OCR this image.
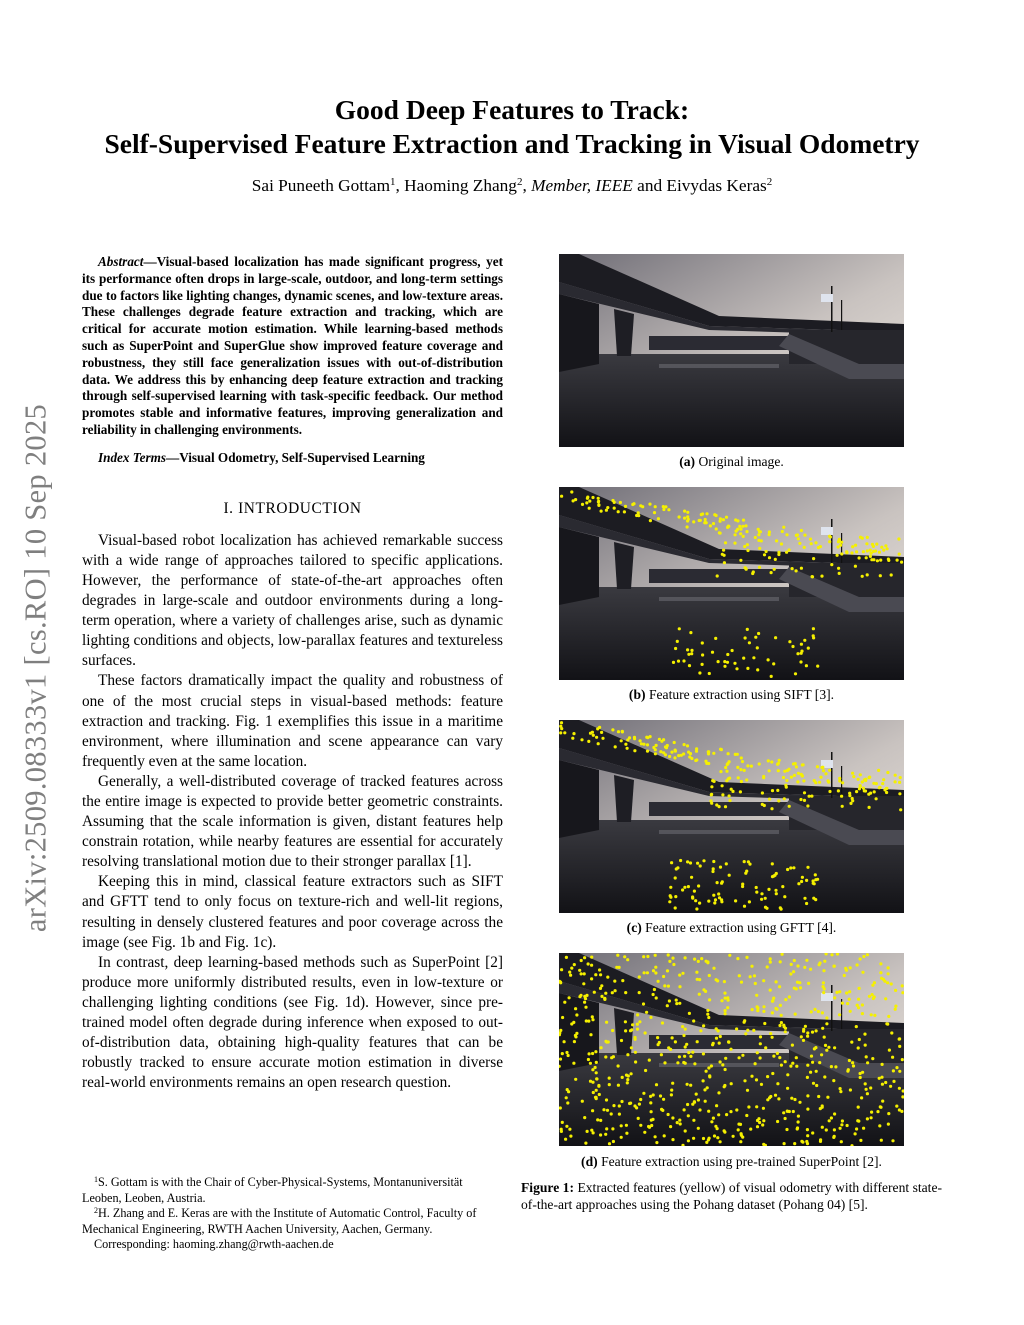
arXiv:2509.08333v1 [cs.RO] 10 Sep 2025
Good Deep Features to Track:
Self-Supervised Feature Extraction and Tracking in Visual Odometry
Sai Puneeth Gottam$^1$, Haoming Zhang$^2$, Member, IEEE and Eivydas Keras$^2$

Abstract—Visual-based localization has made significant progress, yet its performance often drops in large-scale, outdoor, and long-term settings due to factors like lighting changes, dynamic scenes, and low-texture areas. These challenges degrade feature extraction and tracking, which are critical for accurate motion estimation. While learning-based methods such as SuperPoint and SuperGlue show improved feature coverage and robustness, they still face generalization issues with out-of-distribution data. We address this by enhancing deep feature extraction and tracking through self-supervised learning with task-specific feedback. Our method promotes stable and informative features, improving generalization and reliability in challenging environments.

Index Terms—Visual Odometry, Self-Supervised Learning

I. INTRODUCTION

Visual-based robot localization has achieved remarkable success with a wide range of approaches tailored to specific applications. However, the performance of state-of-the-art approaches often degrades in large-scale and outdoor environments during a long-term operation, where a variety of challenges arise, such as dynamic lighting conditions and objects, low-parallax features and textureless surfaces.

These factors dramatically impact the quality and robustness of one of the most crucial steps in visual-based methods: feature extraction and tracking. Fig. 1 exemplifies this issue in a maritime environment, where illumination and scene appearance can vary frequently even at the same location.

Generally, a well-distributed coverage of tracked features across the entire image is expected to provide better geometric constraints. Assuming that the scale information is given, distant features help constrain rotation, while nearby features are essential for accurately resolving translational motion due to their stronger parallax [1].

Keeping this in mind, classical feature extractors such as SIFT and GFTT tend to only focus on texture-rich and well-lit regions, resulting in densely clustered features and poor coverage across the image (see Fig. 1b and Fig. 1c).

In contrast, deep learning-based methods such as SuperPoint [2] produce more uniformly distributed results, even in low-texture or challenging lighting conditions (see Fig. 1d). However, since pre-trained model often degrade during inference when exposed to out-of-distribution data, obtaining high-quality features that can be robustly tracked to ensure accurate motion estimation in diverse real-world environments remains an open research question.

$^1$S. Gottam is with the Chair of Cyber-Physical-Systems, Montanuniversität Leoben, Leoben, Austria.

$^2$H. Zhang and E. Keras are with the Institute of Automatic Control, Faculty of Mechanical Engineering, RWTH Aachen University, Aachen, Germany.

Corresponding: haoming.zhang@rwth-aachen.de

(a) Original image.
(b) Feature extraction using SIFT [3].
(c) Feature extraction using GFTT [4].
(d) Feature extraction using pre-trained SuperPoint [2].
Figure 1: Extracted features (yellow) of visual odometry with different state-of-the-art approaches using the Pohang dataset (Pohang 04) [5].
